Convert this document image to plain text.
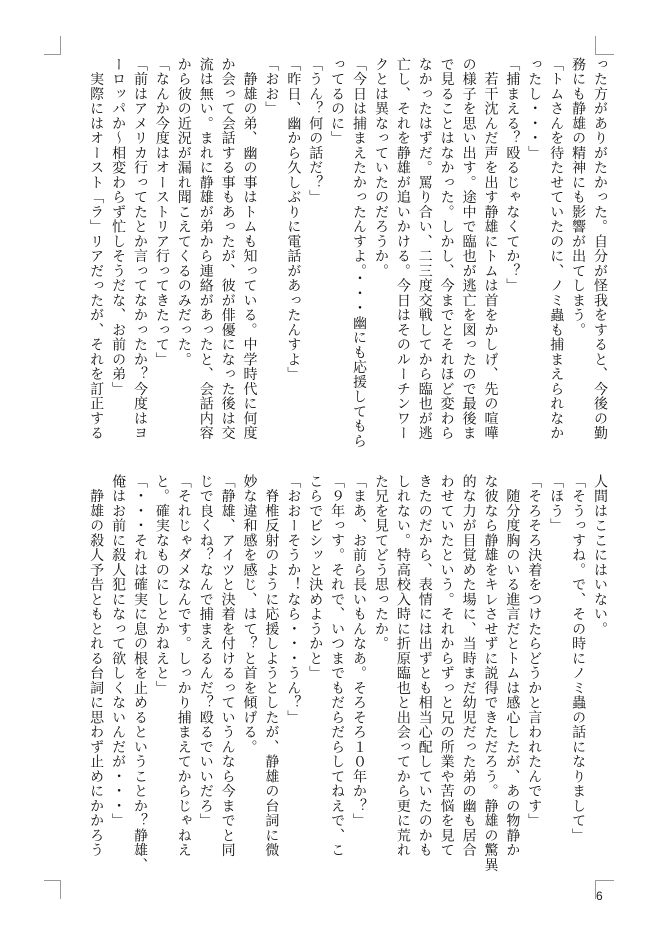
った方がありがたかった。自分が怪我をすると、今後の勤
務にも静雄の精神にも影響が出てしまう。
「トムさんを待たせていたのに、ノミ蟲も捕まえられなか
ったし・・・」
「捕まえる？殴るじゃなくてか？」
　若干沈んだ声を出す静雄にトムは首をかしげ、先の喧嘩
の様子を思い出す。途中で臨也が逃亡を図ったので最後ま
で見ることはなかった。しかし、今までとそれほど変わら
なかったはずだ。罵り合い、二三度交戦してから臨也が逃
亡し、それを静雄が追いかける。今日はそのルーチンワー
クとは異なっていたのだろうか。
「今日は捕まえたかったんすよ。・・・幽にも応援してもら
ってるのに」
「うん？何の話だ？」
「昨日、幽から久しぶりに電話があったんすよ」
「おお」
　静雄の弟、幽の事はトムも知っている。中学時代に何度
か会って会話する事もあったが、彼が俳優になった後は交
流は無い。まれに静雄が弟から連絡があったと、会話内容
から彼の近況が漏れ聞こえてくるのみだった。
「なんか今度はオーストリア行ってきたって」
「前はアメリカ行ってたとか言ってなかったか？今度はヨ
ーロッパか～相変わらず忙しそうだな、お前の弟」
　実際にはオースト「ラ」リアだったが、それを訂正する
人間はここにはいない。
「そうっすね。で、その時にノミ蟲の話になりまして」
「ほう」
「そろそろ決着をつけたらどうかと言われたんです」
　随分度胸のいる進言だとトムは感心したが、あの物静か
な彼なら静雄をキレさせずに説得できただろう。静雄の驚異
的な力が目覚めた場に、当時まだ幼児だった弟の幽も居合
わせていたという。それからずっと兄の所業や苦悩を見て
きたのだから、表情には出ずとも相当心配していたのかも
しれない。特高校入時に折原臨也と出会ってから更に荒れ
た兄を見てどう思ったか。
「まあ、お前ら長いもんなあ。そろそろ１０年か？」
「９年っす。それで、いつまでもだらだらしてねえで、こ
こらでビシッと決めようかと」
「おおーそうか！なら・・・うん？」
　脊椎反射のように応援しようとしたが、静雄の台詞に微
妙な違和感を感じ、はて？と首を傾げる。
「静雄、アイツと決着を付けるっていうんなら今までと同
じで良くね？なんで捕まえるんだ？殴るでいいだろ」
「それじゃダメなんです。しっかり捕まえてからじゃねえ
と。確実なものにしとかねえと」
「・・・それは確実に息の根を止めるということか？静雄、
俺はお前に殺人犯になって欲しくないんだが・・・」
　静雄の殺人予告ともとれる台詞に思わず止めにかかろう
6
